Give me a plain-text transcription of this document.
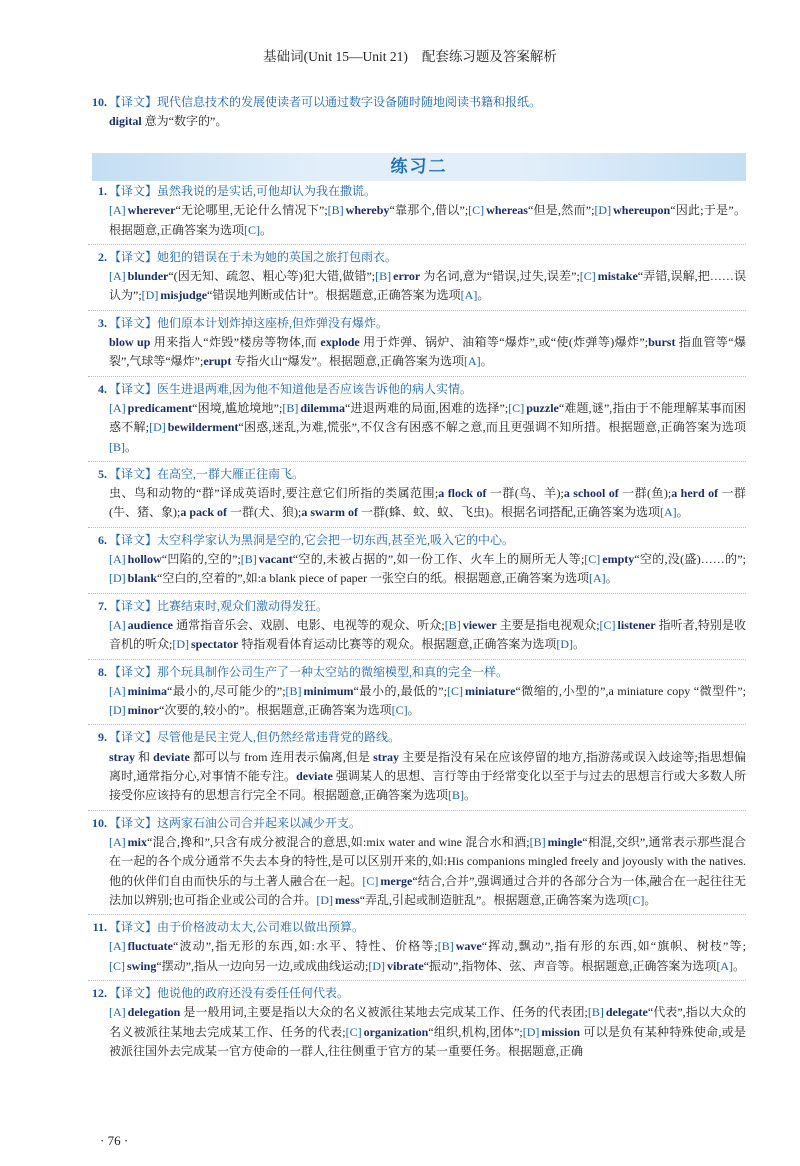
基础词(Unit 15—Unit 21) 配套练习题及答案解析

10. 【译文】现代信息技术的发展使读者可以通过数字设备随时随地阅读书籍和报纸。

digital 意为“数字的”。

练习二

1. 【译文】虽然我说的是实话,可他却认为我在撒谎。

[A] wherever“无论哪里,无论什么情况下”;[B] whereby“靠那个,借以”;[C] whereas“但是,然而”;[D] whereupon“因此;于是”。根据题意,正确答案为选项[C]。

2. 【译文】她犯的错误在于未为她的英国之旅打包雨衣。

[A] blunder“(因无知、疏忽、粗心等)犯大错,做错”;[B] error 为名词,意为“错误,过失,误差”;[C] mistake“弄错,误解,把……误认为”;[D] misjudge“错误地判断或估计”。根据题意,正确答案为选项[A]。

3. 【译文】他们原本计划炸掉这座桥,但炸弹没有爆炸。

blow up 用来指人“炸毁”楼房等物体,而 explode 用于炸弹、锅炉、油箱等“爆炸”,或“使(炸弹等)爆炸”;burst 指血管等“爆裂”,气球等“爆炸”;erupt 专指火山“爆发”。根据题意,正确答案为选项[A]。

4. 【译文】医生进退两难,因为他不知道他是否应该告诉他的病人实情。

[A] predicament“困境,尴尬境地”;[B] dilemma“进退两难的局面,困难的选择”;[C] puzzle“难题,谜”,指由于不能理解某事而困惑不解;[D] bewilderment“困惑,迷乱,为难,慌张”,不仅含有困惑不解之意,而且更强调不知所措。根据题意,正确答案为选项[B]。

5. 【译文】在高空,一群大雁正往南飞。

虫、鸟和动物的“群”译成英语时,要注意它们所指的类属范围;a flock of 一群(鸟、羊);a school of 一群(鱼);a herd of 一群(牛、猪、象);a pack of 一群(犬、狼);a swarm of 一群(蜂、蚊、蚁、飞虫)。根据名词搭配,正确答案为选项[A]。

6. 【译文】太空科学家认为黑洞是空的,它会把一切东西,甚至光,吸入它的中心。

[A] hollow“凹陷的,空的”;[B] vacant“空的,未被占据的”,如一份工作、火车上的厕所无人等;[C] empty“空的,没(盛)……的”;[D] blank“空白的,空着的”,如:a blank piece of paper 一张空白的纸。根据题意,正确答案为选项[A]。

7. 【译文】比赛结束时,观众们激动得发狂。

[A] audience 通常指音乐会、戏剧、电影、电视等的观众、听众;[B] viewer 主要是指电视观众;[C] listener 指听者,特别是收音机的听众;[D] spectator 特指观看体育运动比赛等的观众。根据题意,正确答案为选项[D]。

8. 【译文】那个玩具制作公司生产了一种太空站的微缩模型,和真的完全一样。

[A] minima“最小的,尽可能少的”;[B] minimum“最小的,最低的”;[C] miniature“微缩的,小型的”,a miniature copy “微型件”;[D] minor“次要的,较小的”。根据题意,正确答案为选项[C]。

9. 【译文】尽管他是民主党人,但仍然经常违背党的路线。

stray 和 deviate 都可以与 from 连用表示偏离,但是 stray 主要是指没有呆在应该停留的地方,指游荡或误入歧途等;指思想偏离时,通常指分心,对事情不能专注。deviate 强调某人的思想、言行等由于经常变化以至于与过去的思想言行或大多数人所接受你应该持有的思想言行完全不同。根据题意,正确答案为选项[B]。

10. 【译文】这两家石油公司合并起来以减少开支。

[A] mix“混合,搀和”,只含有成分被混合的意思,如:mix water and wine 混合水和酒;[B] mingle“相混,交织”,通常表示那些混合在一起的各个成分通常不失去本身的特性,是可以区别开来的,如:His companions mingled freely and joyously with the natives. 他的伙伴们自由而快乐的与土著人融合在一起。[C] merge“结合,合并”,强调通过合并的各部分合为一体,融合在一起往往无法加以辨别;也可指企业或公司的合并。[D] mess“弄乱,引起或制造脏乱”。根据题意,正确答案为选项[C]。

11. 【译文】由于价格波动太大,公司难以做出预算。

[A] fluctuate“波动”,指无形的东西,如:水平、特性、价格等;[B] wave“挥动,飘动”,指有形的东西,如“旗帜、树枝”等;[C] swing“摆动”,指从一边向另一边,或成曲线运动;[D] vibrate“振动”,指物体、弦、声音等。根据题意,正确答案为选项[A]。

12. 【译文】他说他的政府还没有委任任何代表。

[A] delegation 是一般用词,主要是指以大众的名义被派往某地去完成某工作、任务的代表团;[B] delegate“代表”,指以大众的名义被派往某地去完成某工作、任务的代表;[C] organization“组织,机构,团体”;[D] mission 可以是负有某种特殊使命,或是被派往国外去完成某一官方使命的一群人,往往侧重于官方的某一重要任务。根据题意,正确

· 76 ·
